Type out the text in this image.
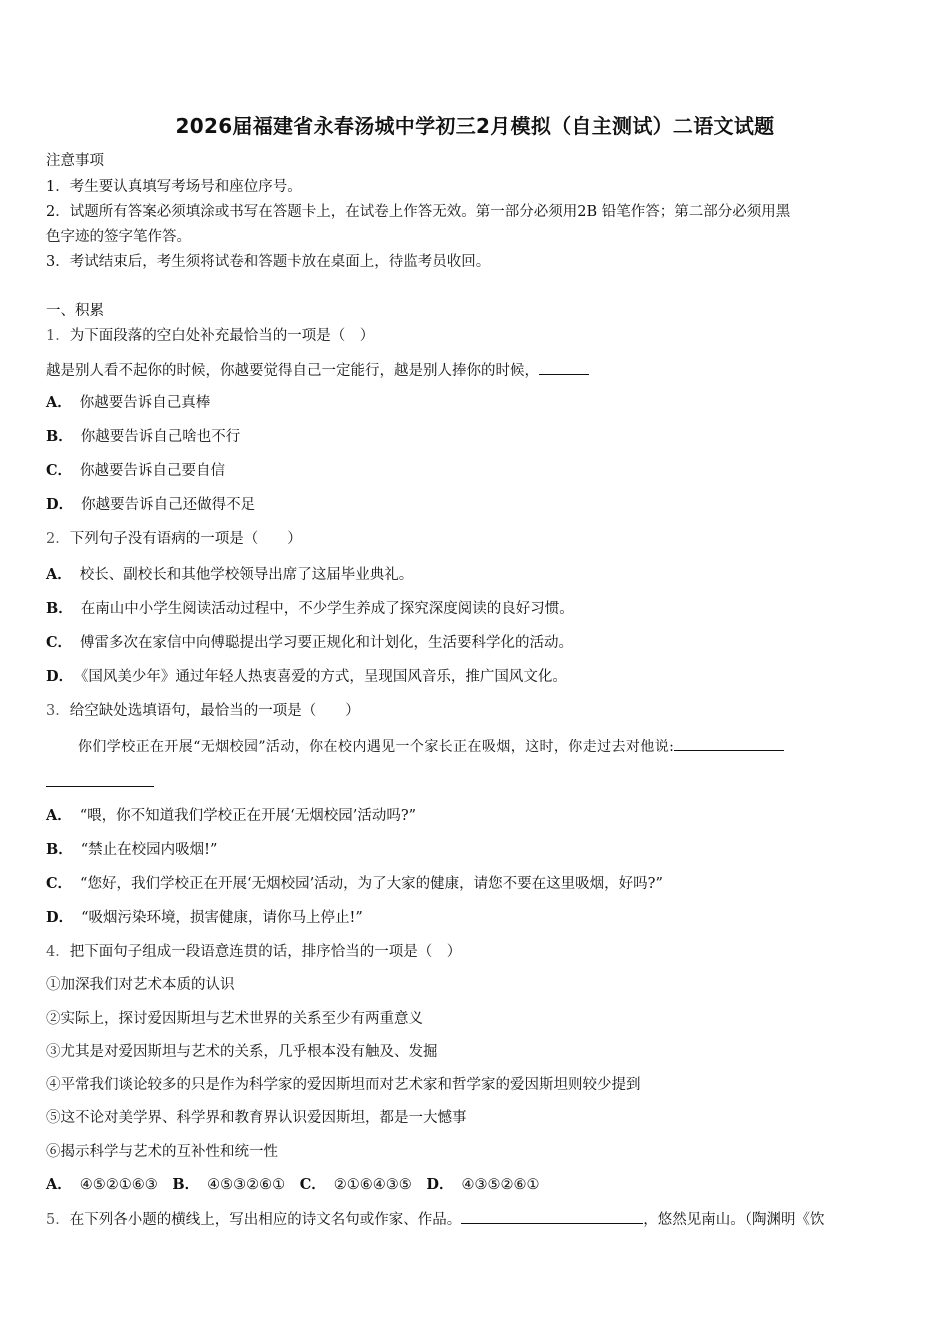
2026届福建省永春汤城中学初三2月模拟（自主测试）二语文试题
注意事项
1．考生要认真填写考场号和座位序号。
2．试题所有答案必须填涂或书写在答题卡上，在试卷上作答无效。第一部分必须用2B 铅笔作答；第二部分必须用黑
色字迹的签字笔作答。
3．考试结束后，考生须将试卷和答题卡放在桌面上，待监考员收回。
一、积累
1．为下面段落的空白处补充最恰当的一项是（　）
越是别人看不起你的时候，你越要觉得自己一定能行，越是别人捧你的时候，
A． 你越要告诉自己真棒
B． 你越要告诉自己啥也不行
C． 你越要告诉自己要自信
D． 你越要告诉自己还做得不足
2．下列句子没有语病的一项是（　　）
A． 校长、副校长和其他学校领导出席了这届毕业典礼。
B． 在南山中小学生阅读活动过程中，不少学生养成了探究深度阅读的良好习惯。
C． 傅雷多次在家信中向傅聪提出学习要正规化和计划化，生活要科学化的活动。
D． 《国风美少年》通过年轻人热衷喜爱的方式，呈现国风音乐，推广国风文化。
3．给空缺处选填语句，最恰当的一项是（　　）
你们学校正在开展“无烟校园”活动，你在校内遇见一个家长正在吸烟，这时，你走过去对他说:
A． “喂，你不知道我们学校正在开展‘无烟校园’活动吗?”
B． “禁止在校园内吸烟!”
C． “您好，我们学校正在开展‘无烟校园’活动，为了大家的健康，请您不要在这里吸烟，好吗?”
D． “吸烟污染环境，损害健康，请你马上停止!”
4．把下面句子组成一段语意连贯的话，排序恰当的一项是（　）
①加深我们对艺术本质的认识
②实际上，探讨爱因斯坦与艺术世界的关系至少有两重意义
③尤其是对爱因斯坦与艺术的关系，几乎根本没有触及、发掘
④平常我们谈论较多的只是作为科学家的爱因斯坦而对艺术家和哲学家的爱因斯坦则较少提到
⑤这不论对美学界、科学界和教育界认识爱因斯坦，都是一大憾事
⑥揭示科学与艺术的互补性和统一性
A． ④⑤②①⑥③ B． ④⑤③②⑥① C． ②①⑥④③⑤ D． ④③⑤②⑥①
5．在下列各小题的横线上，写出相应的诗文名句或作家、作品。	，悠然见南山。（陶渊明《饮
